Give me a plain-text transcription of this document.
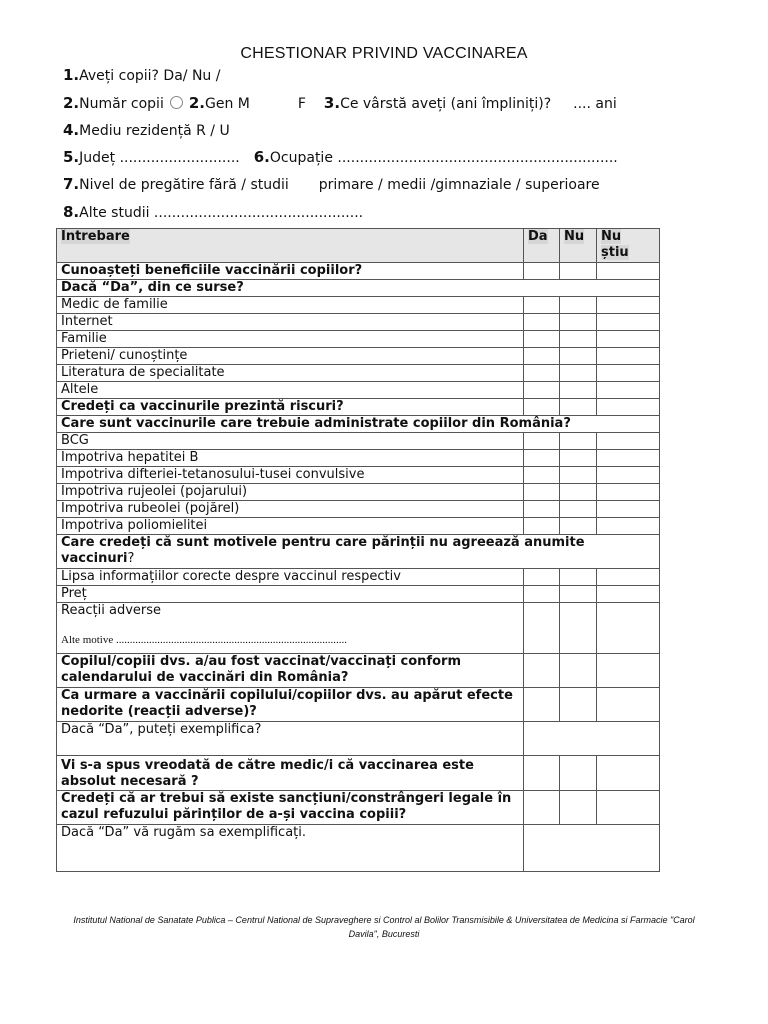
CHESTIONAR PRIVIND VACCINAREA
1.Aveți copii? Da/ Nu /
2.Număr copii 2.Gen M	F 3.Ce vârstă aveți (ani împliniți)? .... ani
4.Mediu rezidență R / U
5.Județ ........................... 6.Ocupație ...............................................................
7.Nivel de pregătire fără / studii primare / medii /gimnaziale / superioare
8.Alte studii ...............................................
Întrebare	Da	Nu	Nu
știu
Cunoașteți beneficiile vaccinării copiilor?			
Dacă “Da”, din ce surse?			
Medic de familie			
Internet			
Familie			
Prieteni/ cunoștințe			
Literatura de specialitate			
Altele			
Credeți ca vaccinurile prezintă riscuri?			
Care sunt vaccinurile care trebuie administrate copiilor din România?			
BCG			
Impotriva hepatitei B			
Impotriva difteriei-tetanosului-tusei convulsive			
Impotriva rujeolei (pojarului)			
Impotriva rubeolei (pojărel)			
Impotriva poliomielitei			
Care credeți că sunt motivele pentru care părinții nu agreează anumite vaccinuri?			
Lipsa informațiilor corecte despre vaccinul respectiv			
Preț			

Reacții adverse
Alte motive ....................................................................................			

Copilul/copiii dvs. a/au fost vaccinat/vaccinați conform calendarului de vaccinări din România?			
Ca urmare a vaccinării copilului/copiilor dvs. au apărut efecte nedorite (reacții adverse)?			
Dacă “Da”, puteți exemplifica?			
Vi s-a spus vreodată de către medic/i că vaccinarea este absolut necesară ?			
Credeți că ar trebui să existe sancțiuni/constrângeri legale în cazul refuzului părinților de a-și vaccina copiii?			
Dacă “Da” vă rugăm sa exemplificați.			
Institutul National de Sanatate Publica – Centrul National de Supraveghere si Control al Bolilor Transmisibile & Universitatea de Medicina si Farmacie "Carol Davila", Bucuresti
